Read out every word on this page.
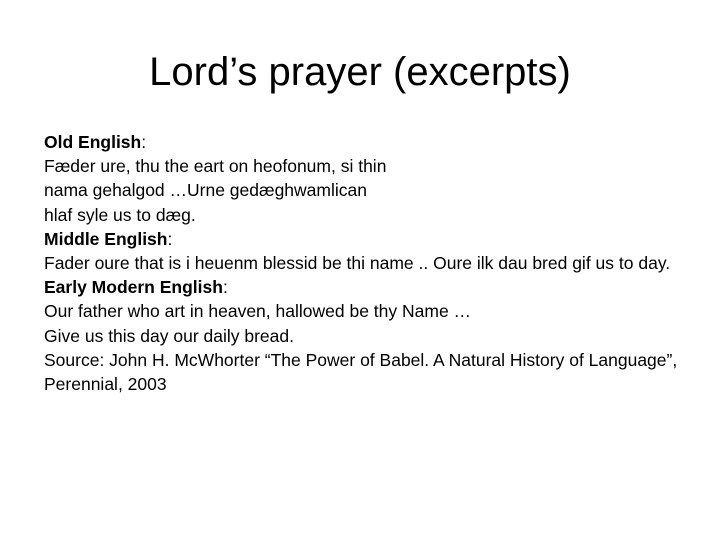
Lord’s prayer (excerpts)
Old English:
Fæder ure, thu the eart on heofonum, si thin
nama gehalgod …Urne gedæghwamlican
hlaf syle us to dæg.
Middle English:
Fader oure that is i heuenm blessid be thi name .. Oure ilk dau bred gif us to day.
Early Modern English:
Our father who art in heaven, hallowed be thy Name …
Give us this day our daily bread.
Source: John H. McWhorter “The Power of Babel. A Natural History of Language”, Perennial, 2003
